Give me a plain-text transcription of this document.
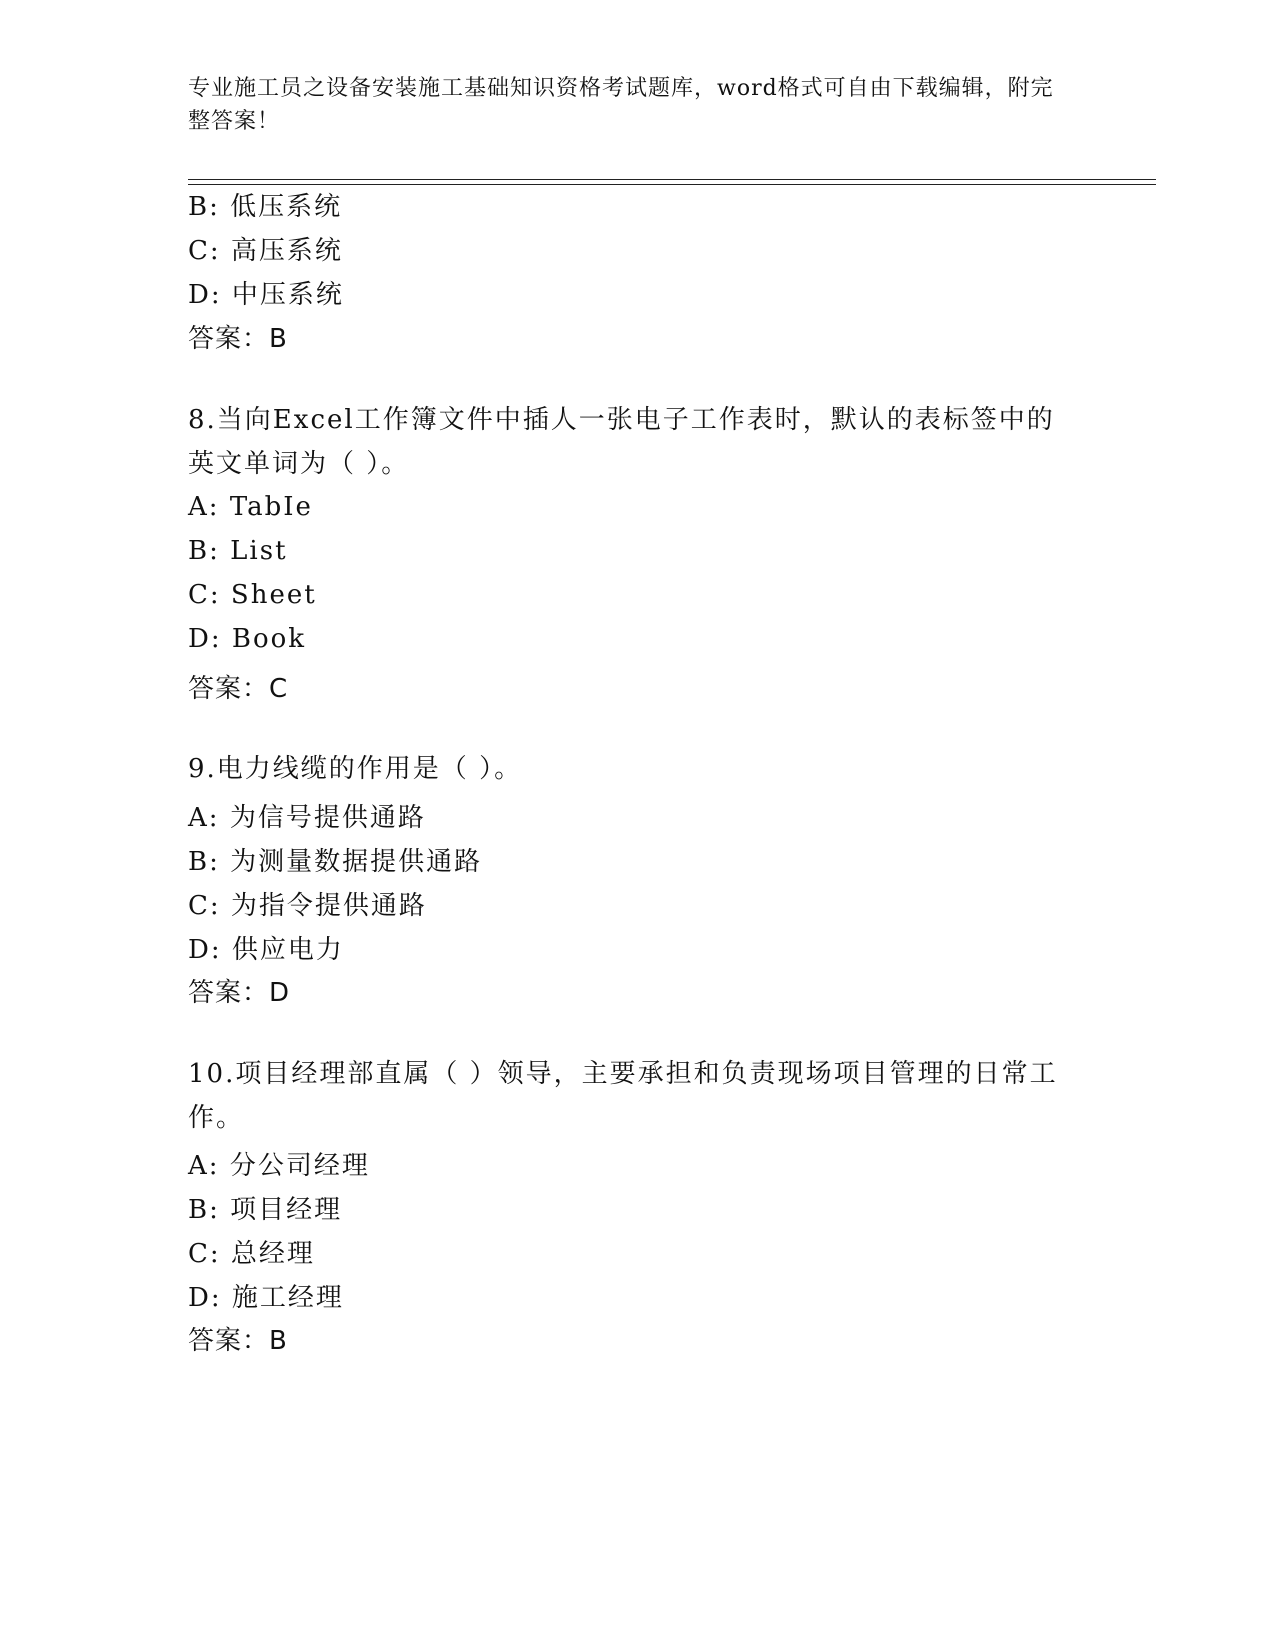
专业施工员之设备安装施工基础知识资格考试题库，word格式可自由下载编辑，附完整答案！
B: 低压系统
C: 高压系统
D: 中压系统
答案：B
8.当向Excel工作簿文件中插人一张电子工作表时，默认的表标签中的英文单词为（ ）。
A: TabIe
B: List
C: Sheet
D: Book
答案：C
9.电力线缆的作用是（ ）。
A: 为信号提供通路
B: 为测量数据提供通路
C: 为指令提供通路
D: 供应电力
答案：D
10.项目经理部直属（ ）领导，主要承担和负责现场项目管理的日常工作。
A: 分公司经理
B: 项目经理
C: 总经理
D: 施工经理
答案：B
